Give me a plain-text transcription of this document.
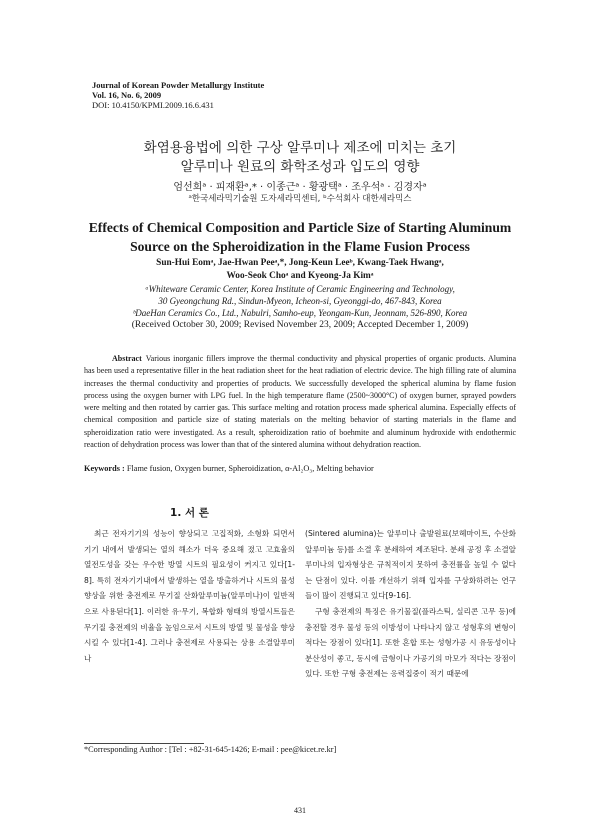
Journal of Korean Powder Metallurgy Institute
Vol. 16, No. 6, 2009
DOI: 10.4150/KPMI.2009.16.6.431
화염용융법에 의한 구상 알루미나 제조에 미치는 초기
알루미나 원료의 화학조성과 입도의 영향
엄선희ᵃ · 피재환ᵃ,* · 이종근ᵃ · 황광택ᵃ · 조우석ᵃ · 김경자ᵃ
ᵃ한국세라믹기술원 도자세라믹센터, ᵇ수석회사 대한세라믹스
Effects of Chemical Composition and Particle Size of Starting Aluminum
Source on the Spheroidization in the Flame Fusion Process
Sun-Hui Eomᵃ, Jae-Hwan Peeᵃ,*, Jong-Keun Leeᵇ, Kwang-Taek Hwangᵃ,
Woo-Seok Choᵃ and Kyeong-Ja Kimᵃ
ᵃWhiteware Ceramic Center, Korea Institute of Ceramic Engineering and Technology,
30 Gyeongchung Rd., Sindun-Myeon, Icheon-si, Gyeonggi-do, 467-843, Korea
ᵇDaeHan Ceramics Co., Ltd., Nabulri, Samho-eup, Yeongam-Kun, Jeonnam, 526-890, Korea
(Received October 30, 2009; Revised November 23, 2009; Accepted December 1, 2009)
Abstract Various inorganic fillers improve the thermal conductivity and physical properties of organic products. Alumina has been used a representative filler in the heat radiation sheet for the heat radiation of electric device. The high filling rate of alumina increases the thermal conductivity and properties of products. We successfully developed the spherical alumina by flame fusion process using the oxygen burner with LPG fuel. In the high temperature flame (2500~3000°C) of oxygen burner, sprayed powders were melting and then rotated by carrier gas. This surface melting and rotation process made spherical alumina. Especially effects of chemical composition and particle size of stating materials on the melting behavior of starting materials in the flame and spheroidization ratio were investigated. As a result, spheroidization ratio of boehmite and aluminum hydroxide with endothermic reaction of dehydration process was lower than that of the sintered alumina without dehydration reaction.
Keywords : Flame fusion, Oxygen burner, Spheroidization, α-Al₂O₃, Melting behavior
1. 서 론

최근 전자기기의 성능이 향상되고 고집적화, 소형화 되면서 기기 내에서 발생되는 열의 해소가 더욱 중요해 졌고 고효율의 열전도성을 갖는 우수한 방열 시트의 필요성이 커지고 있다[1-8]. 특히 전자기기내에서 발생하는 열을 방출하거나 시트의 물성향상을 위한 충전제로 무기질 산화알루미늄(알루미나)이 일반적으로 사용된다[1]. 이러한 유·무기, 복합화 형태의 방열시트들은 무기질 충전제의 비율을 높임으로서 시트의 방열 및 물성을 향상시킬 수 있다[1-4]. 그러나 충전제로 사용되는 상용 소결알루미나

(Sintered alumina)는 알루미나 출발원료(보헤마이트, 수산화알루미늄 등)를 소결 후 분쇄하여 제조된다. 분쇄 공정 후 소결알루미나의 입자형상은 규칙적이지 못하여 충전률을 높일 수 없다는 단점이 있다. 이를 개선하기 위해 입자를 구상화하려는 연구들이 많이 진행되고 있다[9-16].

구형 충전제의 특징은 유기물질(플라스틱, 실리콘 고무 등)에 충전할 경우 물성 등의 이방성이 나타나지 않고 성형후의 변형이 적다는 장점이 있다[1]. 또한 혼합 또는 성형가공 시 유동성이나 분산성이 좋고, 동시에 금형이나 가공기의 마모가 적다는 장점이 있다. 또한 구형 충전제는 응력집중이 적기 때문에

*Corresponding Author : [Tel : +82-31-645-1426; E-mail : pee@kicet.re.kr]
431
